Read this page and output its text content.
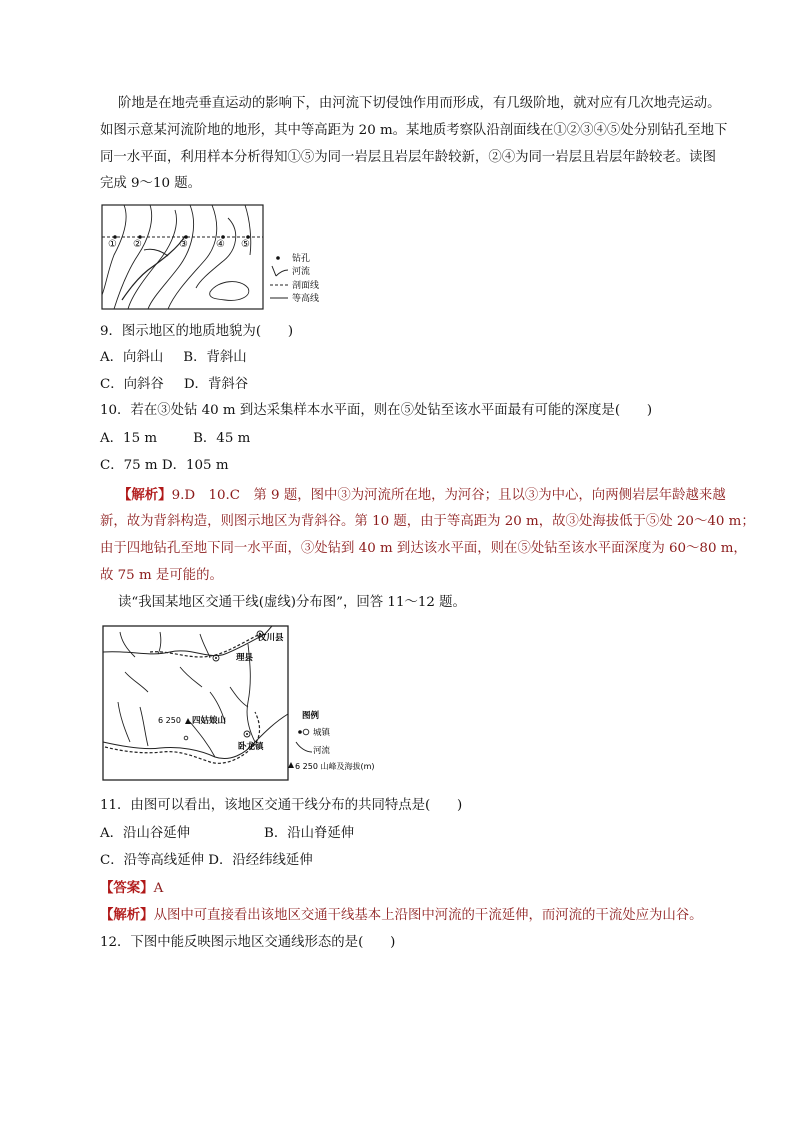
阶地是在地壳垂直运动的影响下，由河流下切侵蚀作用而形成，有几级阶地，就对应有几次地壳运动。
如图示意某河流阶地的地形，其中等高距为 20 m。某地质考察队沿剖面线在①②③④⑤处分别钻孔至地下
同一水平面，利用样本分析得知①⑤为同一岩层且岩层年龄较新，②④为同一岩层且岩层年龄较老。读图
完成 9～10 题。
① ②	③	④ ⑤
钻孔
河流
剖面线
等高线
9．图示地区的地质地貌为(　　)
A．向斜山 B．背斜山
C．向斜谷 D．背斜谷
10．若在③处钻 40 m 到达采集样本水平面，则在⑤处钻至该水平面最有可能的深度是(　　)
A．15 m	B．45 m
C．75 m D．105 m
【解析】9.D　10.C　第 9 题，图中③为河流所在地，为河谷；且以③为中心，向两侧岩层年龄越来越
新，故为背斜构造，则图示地区为背斜谷。第 10 题，由于等高距为 20 m，故③处海拔低于⑤处 20～40 m；
由于四地钻孔至地下同一水平面，③处钻到 40 m 到达该水平面，则在⑤处钻至该水平面深度为 60～80 m，
故 75 m 是可能的。
读“我国某地区交通干线(虚线)分布图”，回答 11～12 题。
汶川县
理县
卧龙镇
6 250 四姑娘山	图例
城镇
河流
6 250 山峰及海拔(m)
11．由图可以看出，该地区交通干线分布的共同特点是(　　)
A．沿山谷延伸	B．沿山脊延伸
C．沿等高线延伸 D．沿经纬线延伸
【答案】A
【解析】从图中可直接看出该地区交通干线基本上沿图中河流的干流延伸，而河流的干流处应为山谷。
12．下图中能反映图示地区交通线形态的是(　　)
